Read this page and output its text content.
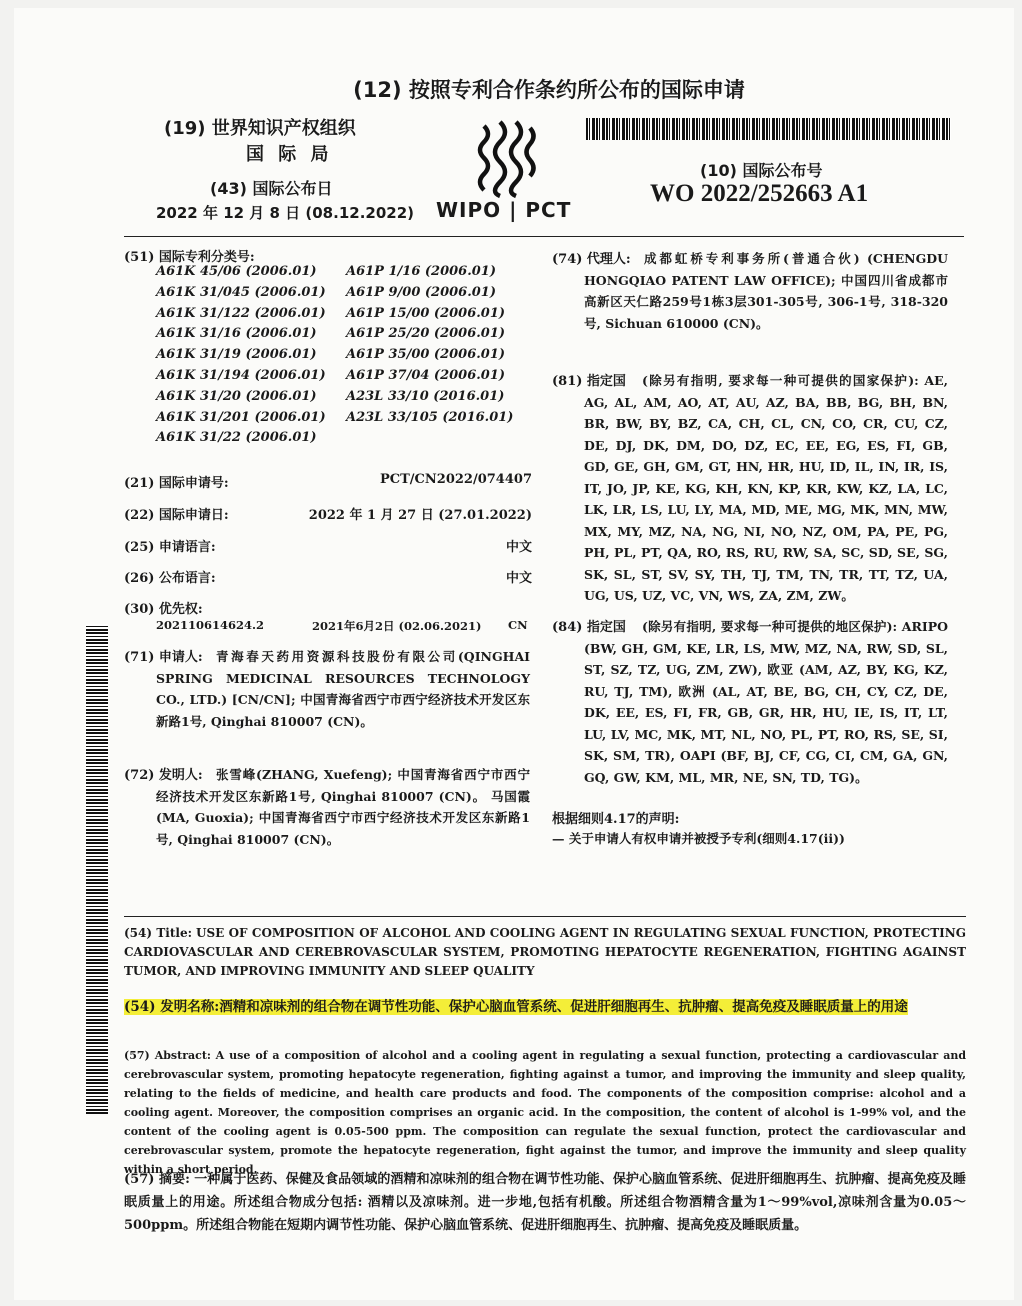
(12) 按照专利合作条约所公布的国际申请
(19) 世界知识产权组织
国 际 局
(43) 国际公布日
2022 年 12 月 8 日 (08.12.2022) WIPO | PCT
(10) 国际公布号
WO 2022/252663 A1
(51) 国际专利分类号:
A61K 45/06 (2006.01)	A61P 1/16 (2006.01)
A61K 31/045 (2006.01)	A61P 9/00 (2006.01)
A61K 31/122 (2006.01)	A61P 15/00 (2006.01)
A61K 31/16 (2006.01)	A61P 25/20 (2006.01)
A61K 31/19 (2006.01)	A61P 35/00 (2006.01)
A61K 31/194 (2006.01)	A61P 37/04 (2006.01)
A61K 31/20 (2006.01)	A23L 33/10 (2016.01)
A61K 31/201 (2006.01)	A23L 33/105 (2016.01)
A61K 31/22 (2006.01)
(21) 国际申请号:	PCT/CN2022/074407
(22) 国际申请日:	2022 年 1 月 27 日 (27.01.2022)
(25) 申请语言:	中文
(26) 公布语言:	中文
(30) 优先权:
202110614624.2	2021年6月2日 (02.06.2021) CN
(71) 申请人:	青海春天药用资源科技股份有限公司(QINGHAI SPRING MEDICINAL RESOURCES TECHNOLOGY CO., LTD.) [CN/CN]; 中国青海省西宁市西宁经济技术开发区东新路1号, Qinghai 810007 (CN)。
(72) 发明人:	张雪峰(ZHANG, Xuefeng); 中国青海省西宁市西宁经济技术开发区东新路1号, Qinghai 810007 (CN)。 马国霞(MA, Guoxia); 中国青海省西宁市西宁经济技术开发区东新路1号, Qinghai 810007 (CN)。
(74) 代理人:	成都虹桥专利事务所(普通合伙) (CHENGDU HONGQIAO PATENT LAW OFFICE); 中国四川省成都市高新区天仁路259号1栋3层301-305号, 306-1号, 318-320号, Sichuan 610000 (CN)。
(81) 指定国	(除另有指明, 要求每一种可提供的国家保护): AE, AG, AL, AM, AO, AT, AU, AZ, BA, BB, BG, BH, BN, BR, BW, BY, BZ, CA, CH, CL, CN, CO, CR, CU, CZ, DE, DJ, DK, DM, DO, DZ, EC, EE, EG, ES, FI, GB, GD, GE, GH, GM, GT, HN, HR, HU, ID, IL, IN, IR, IS, IT, JO, JP, KE, KG, KH, KN, KP, KR, KW, KZ, LA, LC, LK, LR, LS, LU, LY, MA, MD, ME, MG, MK, MN, MW, MX, MY, MZ, NA, NG, NI, NO, NZ, OM, PA, PE, PG, PH, PL, PT, QA, RO, RS, RU, RW, SA, SC, SD, SE, SG, SK, SL, ST, SV, SY, TH, TJ, TM, TN, TR, TT, TZ, UA, UG, US, UZ, VC, VN, WS, ZA, ZM, ZW。
(84) 指定国	(除另有指明, 要求每一种可提供的地区保护): ARIPO (BW, GH, GM, KE, LR, LS, MW, MZ, NA, RW, SD, SL, ST, SZ, TZ, UG, ZM, ZW), 欧亚 (AM, AZ, BY, KG, KZ, RU, TJ, TM), 欧洲 (AL, AT, BE, BG, CH, CY, CZ, DE, DK, EE, ES, FI, FR, GB, GR, HR, HU, IE, IS, IT, LT, LU, LV, MC, MK, MT, NL, NO, PL, PT, RO, RS, SE, SI, SK, SM, TR), OAPI (BF, BJ, CF, CG, CI, CM, GA, GN, GQ, GW, KM, ML, MR, NE, SN, TD, TG)。
根据细则4.17的声明:
— 关于申请人有权申请并被授予专利(细则4.17(ii))
(54) Title: USE OF COMPOSITION OF ALCOHOL AND COOLING AGENT IN REGULATING SEXUAL FUNCTION, PROTECTING CARDIOVASCULAR AND CEREBROVASCULAR SYSTEM, PROMOTING HEPATOCYTE REGENERATION, FIGHTING AGAINST TUMOR, AND IMPROVING IMMUNITY AND SLEEP QUALITY
(54) 发明名称:酒精和凉味剂的组合物在调节性功能、保护心脑血管系统、促进肝细胞再生、抗肿瘤、提高免疫及睡眠质量上的用途
(57) Abstract: A use of a composition of alcohol and a cooling agent in regulating a sexual function, protecting a cardiovascular and cerebrovascular system, promoting hepatocyte regeneration, fighting against a tumor, and improving the immunity and sleep quality, relating to the fields of medicine, and health care products and food. The components of the composition comprise: alcohol and a cooling agent. Moreover, the composition comprises an organic acid. In the composition, the content of alcohol is 1-99% vol, and the content of the cooling agent is 0.05-500 ppm. The composition can regulate the sexual function, protect the cardiovascular and cerebrovascular system, promote the hepatocyte regeneration, fight against the tumor, and improve the immunity and sleep quality within a short period.
(57) 摘要: 一种属于医药、保健及食品领域的酒精和凉味剂的组合物在调节性功能、保护心脑血管系统、促进肝细胞再生、抗肿瘤、提高免疫及睡眠质量上的用途。所述组合物成分包括: 酒精以及凉味剂。进一步地,包括有机酸。所述组合物酒精含量为1～99%vol,凉味剂含量为0.05～500ppm。所述组合物能在短期内调节性功能、保护心脑血管系统、促进肝细胞再生、抗肿瘤、提高免疫及睡眠质量。
